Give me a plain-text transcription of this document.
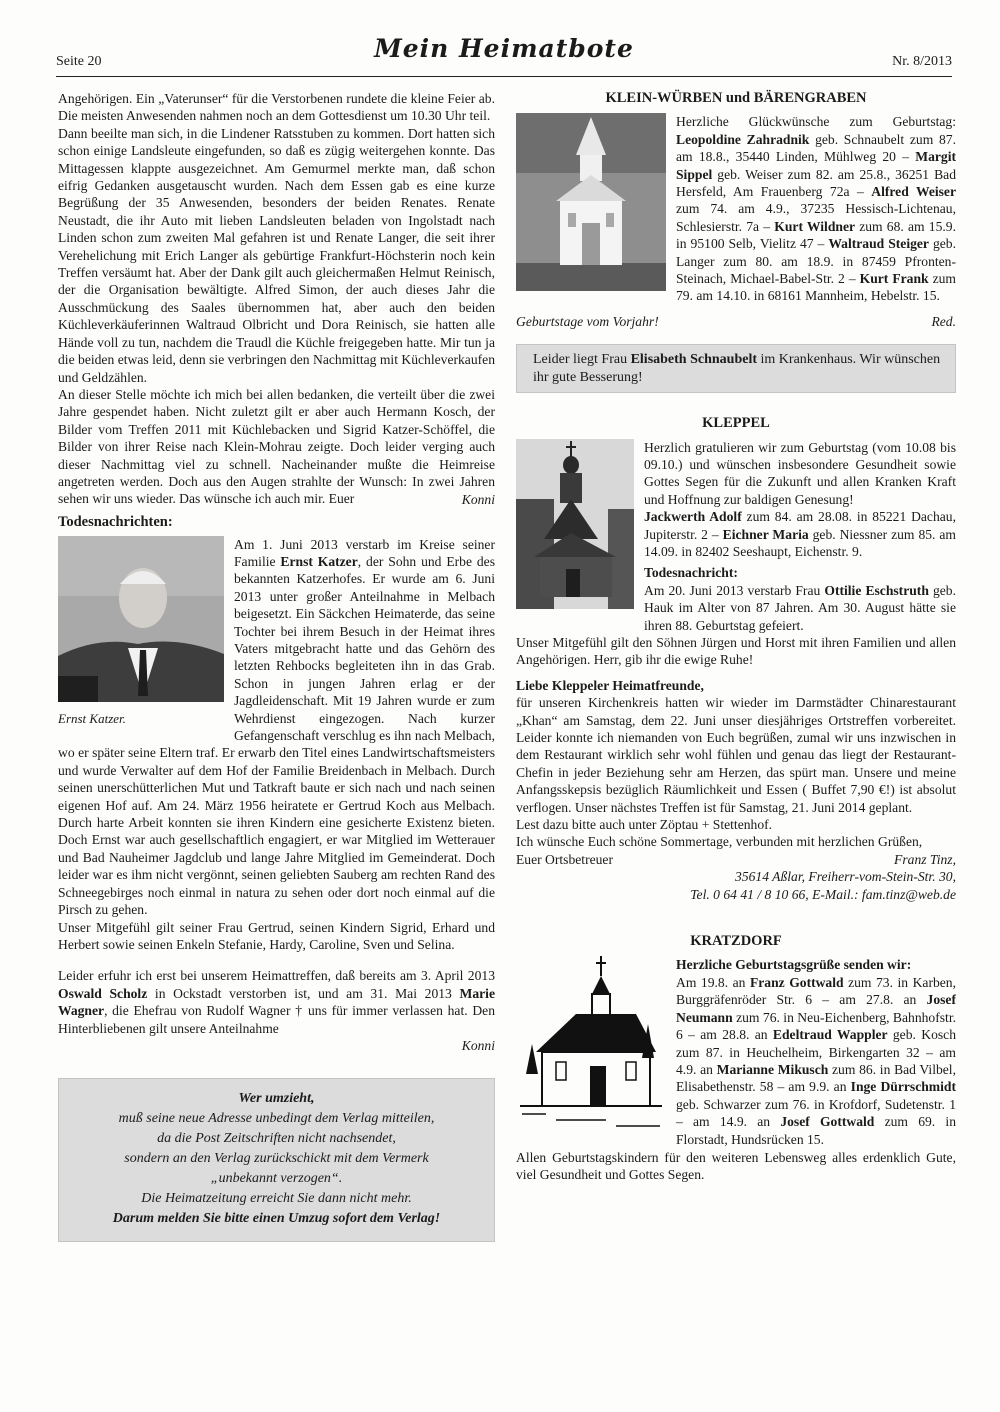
Seite 20	Mein Heimatbote	Nr. 8/2013

Angehörigen. Ein „Vaterunser“ für die Verstorbenen rundete die kleine Feier ab. Die meisten Anwesenden nahmen noch an dem Gottesdienst um 10.30 Uhr teil.

Dann beeilte man sich, in die Lindener Ratsstuben zu kommen. Dort hatten sich schon einige Landsleute eingefunden, so daß es zügig weitergehen konnte. Das Mittagessen klappte ausgezeichnet. Am Gemurmel merkte man, daß schon eifrig Gedanken ausgetauscht wurden. Nach dem Essen gab es eine kurze Begrüßung der 35 Anwesenden, besonders der beiden Renates. Renate Neustadt, die ihr Auto mit lieben Landsleuten beladen von Ingolstadt nach Linden schon zum zweiten Mal gefahren ist und Renate Langer, die seit ihrer Verehelichung mit Erich Langer als gebürtige Frankfurt-Höchsterin noch kein Treffen versäumt hat. Aber der Dank gilt auch gleichermaßen Helmut Reinisch, der die Organisation bewältigte. Alfred Simon, der auch dieses Jahr die Ausschmückung des Saales übernommen hat, aber auch den beiden Küchleverkäuferinnen Waltraud Olbricht und Dora Reinisch, sie hatten alle Hände voll zu tun, nachdem die Traudl die Küchle freigegeben hatte. Mir tun ja die beiden etwas leid, denn sie verbringen den Nachmittag mit Küchleverkaufen und Geldzählen.

An dieser Stelle möchte ich mich bei allen bedanken, die verteilt über die zwei Jahre gespendet haben. Nicht zuletzt gilt er aber auch Hermann Kosch, der Bilder vom Treffen 2011 mit Küchlebacken und Sigrid Katzer-Schöffel, die Bilder von ihrer Reise nach Klein-Mohrau zeigte. Doch leider verging auch dieser Nachmittag viel zu schnell. Nacheinander mußte die Heimreise angetreten werden. Doch aus den Augen strahlte der Wunsch: In zwei Jahren sehen wir uns wieder. Das wünsche ich auch mir. Euer	Konni

Todesnachrichten:
Ernst Katzer.

Am 1. Juni 2013 verstarb im Kreise seiner Familie Ernst Katzer, der Sohn und Erbe des bekannten Katzerhofes. Er wurde am 6. Juni 2013 unter großer Anteilnahme in Melbach beigesetzt. Ein Säckchen Heimaterde, das seine Tochter bei ihrem Besuch in der Heimat ihres Vaters mitgebracht hatte und das Gehörn des letzten Rehbocks begleiteten ihn in das Grab. Schon in jungen Jahren erlag er der Jagdleidenschaft. Mit 19 Jahren wurde er zum Wehrdienst eingezogen. Nach kurzer Gefangenschaft verschlug es ihn nach Melbach, wo er später seine Eltern traf. Er erwarb den Titel eines Landwirtschaftsmeisters und wurde Verwalter auf dem Hof der Familie Breidenbach in Melbach. Durch seinen unerschütterlichen Mut und Tatkraft baute er sich nach und nach seinen eigenen Hof auf. Am 24. März 1956 heiratete er Gertrud Koch aus Melbach. Durch harte Arbeit konnten sie ihren Kindern eine gesicherte Existenz bieten. Doch Ernst war auch gesellschaftlich engagiert, er war Mitglied im Wetterauer und Bad Nauheimer Jagdclub und lange Jahre Mitglied im Gemeinderat. Doch leider war es ihm nicht vergönnt, seinen geliebten Sauberg am rechten Rand des Schneegebirges noch einmal in natura zu sehen oder dort noch einmal auf die Pirsch zu gehen.

Unser Mitgefühl gilt seiner Frau Gertrud, seinen Kindern Sigrid, Erhard und Herbert sowie seinen Enkeln Stefanie, Hardy, Caroline, Sven und Selina.

Leider erfuhr ich erst bei unserem Heimattreffen, daß bereits am 3. April 2013 Oswald Scholz in Ockstadt verstorben ist, und am 31. Mai 2013 Marie Wagner, die Ehefrau von Rudolf Wagner † uns für immer verlassen hat. Den Hinterbliebenen gilt unsere Anteilnahme

Konni

Wer umzieht,
muß seine neue Adresse unbedingt dem Verlag mitteilen,
da die Post Zeitschriften nicht nachsendet,
sondern an den Verlag zurückschickt mit dem Vermerk
„unbekannt verzogen“.
Die Heimatzeitung erreicht Sie dann nicht mehr.
Darum melden Sie bitte einen Umzug sofort dem Verlag!
KLEIN-WÜRBEN und BÄRENGRABEN

Herzliche Glückwünsche zum Geburtstag: Leopoldine Zahradnik geb. Schnaubelt zum 87. am 18.8., 35440 Linden, Mühlweg 20 – Margit Sippel geb. Weiser zum 82. am 25.8., 36251 Bad Hersfeld, Am Frauenberg 72a – Alfred Weiser zum 74. am 4.9., 37235 Hessisch-Lichtenau, Schlesierstr. 7a – Kurt Wildner zum 68. am 15.9. in 95100 Selb, Vielitz 47 – Waltraud Steiger geb. Langer zum 80. am 18.9. in 87459 Pfronten-Steinach, Michael-Babel-Str. 2 – Kurt Frank zum 79. am 14.10. in 68161 Mannheim, Hebelstr. 15.

Geburtstage vom Vorjahr!	Red.
Leider liegt Frau Elisabeth Schnaubelt im Krankenhaus. Wir wünschen ihr gute Besserung!
KLEPPEL

Herzlich gratulieren wir zum Geburtstag (vom 10.08 bis 09.10.) und wünschen insbesondere Gesundheit sowie Gottes Segen für die Zukunft und allen Kranken Kraft und Hoffnung zur baldigen Genesung!

Jackwerth Adolf zum 84. am 28.08. in 85221 Dachau, Jupiterstr. 2 – Eichner Maria geb. Niessner zum 85. am 14.09. in 82402 Seeshaupt, Eichenstr. 9.

Todesnachricht:

Am 20. Juni 2013 verstarb Frau Ottilie Eschstruth geb. Hauk im Alter von 87 Jahren. Am 30. August hätte sie ihren 88. Geburtstag gefeiert.

Unser Mitgefühl gilt den Söhnen Jürgen und Horst mit ihren Familien und allen Angehörigen. Herr, gib ihr die ewige Ruhe!

Liebe Kleppeler Heimatfreunde,

für unseren Kirchenkreis hatten wir wieder im Darmstädter Chinarestaurant „Khan“ am Samstag, dem 22. Juni unser diesjähriges Ortstreffen vorbereitet. Leider konnte ich niemanden von Euch begrüßen, zumal wir uns inzwischen in dem Restaurant wirklich sehr wohl fühlen und genau das liegt der Restaurant-Chefin in jeder Beziehung sehr am Herzen, das spürt man. Unsere und meine Anfangsskepsis bezüglich Räumlichkeit und Essen ( Buffet 7,90 €!) ist absolut verflogen. Unser nächstes Treffen ist für Samstag, 21. Juni 2014 geplant.

Lest dazu bitte auch unter Zöptau + Stettenhof.

Ich wünsche Euch schöne Sommertage, verbunden mit herzlichen Grüßen,

Euer Ortsbetreuer	Franz Tinz,

35614 Aßlar, Freiherr-vom-Stein-Str. 30,

Tel. 0 64 41 / 8 10 66, E-Mail.: fam.tinz@web.de

KRATZDORF

Herzliche Geburtstagsgrüße senden wir:

Am 19.8. an Franz Gottwald zum 73. in Karben, Burggräfenröder Str. 6 – am 27.8. an Josef Neumann zum 76. in Neu-Eichenberg, Bahnhofstr. 6 – am 28.8. an Edeltraud Wappler geb. Kosch zum 87. in Heuchelheim, Birkengarten 32 – am 4.9. an Marianne Mikusch zum 86. in Bad Vilbel, Elisabethenstr. 58 – am 9.9. an Inge Dürrschmidt geb. Schwarzer zum 76. in Krofdorf, Sudetenstr. 1 – am 14.9. an Josef Gottwald zum 69. in Florstadt, Hundsrücken 15.

Allen Geburtstagskindern für den weiteren Lebensweg alles erdenklich Gute, viel Gesundheit und Gottes Segen.
